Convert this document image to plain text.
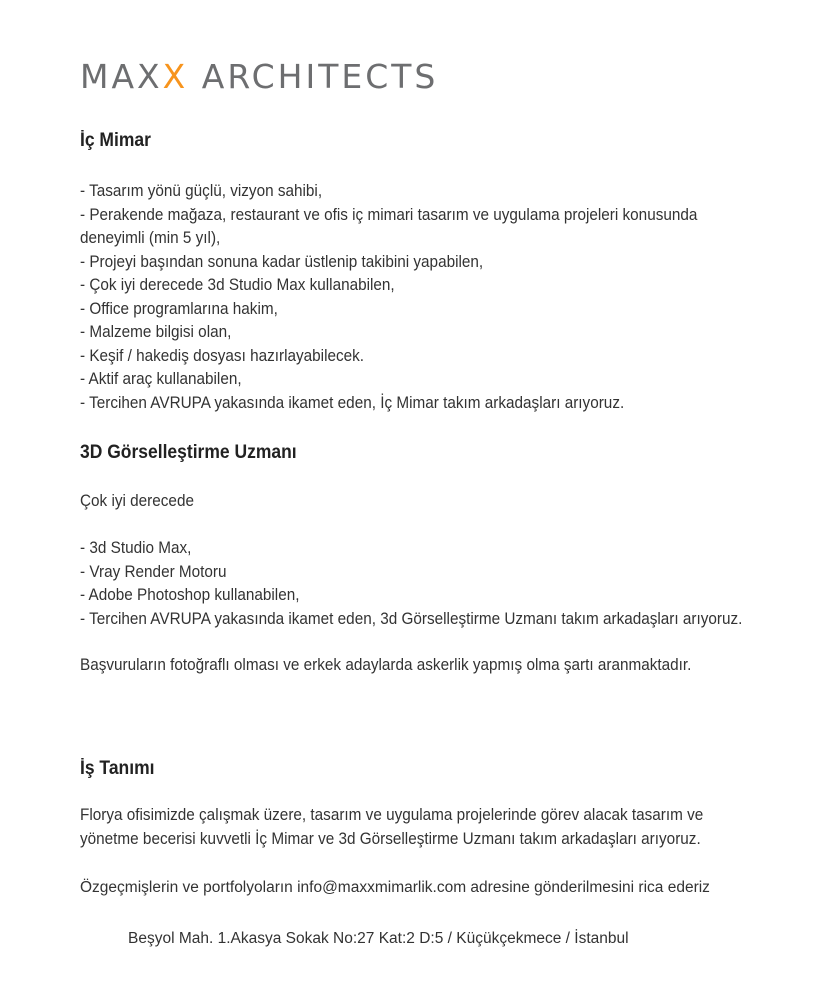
MAXX ARCHITECTS
İç Mimar
- Tasarım yönü güçlü, vizyon sahibi,
- Perakende mağaza, restaurant ve ofis iç mimari tasarım ve uygulama projeleri konusunda
deneyimli (min 5 yıl),
- Projeyi başından sonuna kadar üstlenip takibini yapabilen,
- Çok iyi derecede 3d Studio Max kullanabilen,
- Office programlarına hakim,
- Malzeme bilgisi olan,
- Keşif / hakediş dosyası hazırlayabilecek.
- Aktif araç kullanabilen,
- Tercihen AVRUPA yakasında ikamet eden, İç Mimar takım arkadaşları arıyoruz.
3D Görselleştirme Uzmanı

Çok iyi derecede

- 3d Studio Max,
- Vray Render Motoru
- Adobe Photoshop kullanabilen,
- Tercihen AVRUPA yakasında ikamet eden, 3d Görselleştirme Uzmanı takım arkadaşları arıyoruz.

Başvuruların fotoğraflı olması ve erkek adaylarda askerlik yapmış olma şartı aranmaktadır.

İş Tanımı

Florya ofisimizde çalışmak üzere, tasarım ve uygulama projelerinde görev alacak tasarım ve

yönetme becerisi kuvvetli İç Mimar ve 3d Görselleştirme Uzmanı takım arkadaşları arıyoruz.

Özgeçmişlerin ve portfolyoların info@maxxmimarlik.com adresine gönderilmesini rica ederiz

Beşyol Mah. 1.Akasya Sokak No:27 Kat:2 D:5 / Küçükçekmece / İstanbul
